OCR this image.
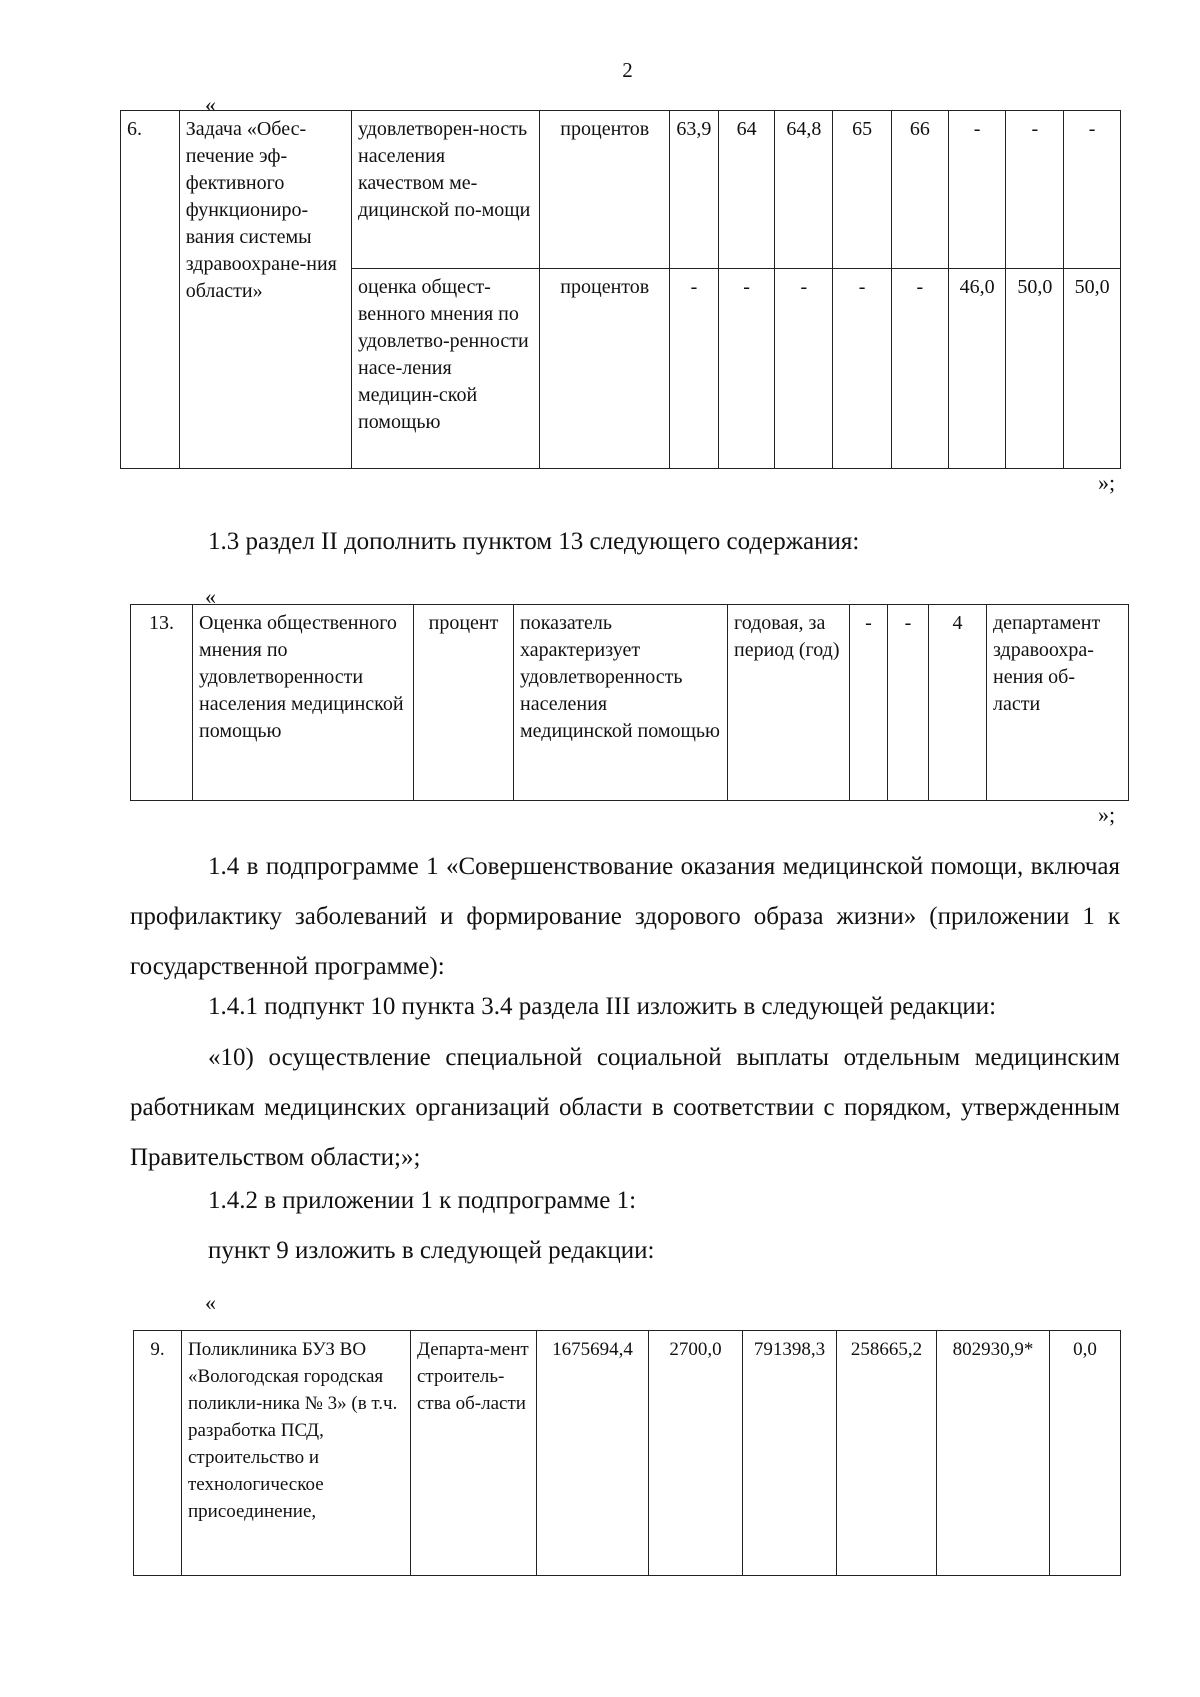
2
«
6.	Задача «Обес-печение эф-фективного функциониро-вания системы здравоохране-ния области»	удовлетворен-ность населения качеством ме-дицинской по-мощи	процентов	63,9	64	64,8	65	66	-	-	-
		оценка общест-венного мнения по удовлетво-ренности насе-ления медицин-ской помощью	процентов	-	-	-	-	-	46,0	50,0	50,0
»;
1.3 раздел II дополнить пунктом 13 следующего содержания:
«
13.	Оценка общественного мнения по удовлетворенности населения медицинской помощью	процент	показатель характеризует удовлетворенность населения медицинской помощью	годовая, за период (год)	-	-	4	департамент здравоохра-нения об-ласти
»;
1.4 в подпрограмме 1 «Совершенствование оказания медицинской помощи, включая профилактику заболеваний и формирование здорового образа жизни» (приложении 1 к государственной программе):
1.4.1 подпункт 10 пункта 3.4 раздела III изложить в следующей редакции:
«10) осуществление специальной социальной выплаты отдельным медицинским работникам медицинских организаций области в соответствии с порядком, утвержденным Правительством области;»;
1.4.2 в приложении 1 к подпрограмме 1:
пункт 9 изложить в следующей редакции:
«
9.	Поликлиника БУЗ ВО «Вологодская городская поликли-ника № 3» (в т.ч. разработка ПСД, строительство и технологическое присоединение,	Департа-мент строитель-ства об-ласти	1675694,4	2700,0	791398,3	258665,2	802930,9*	0,0
